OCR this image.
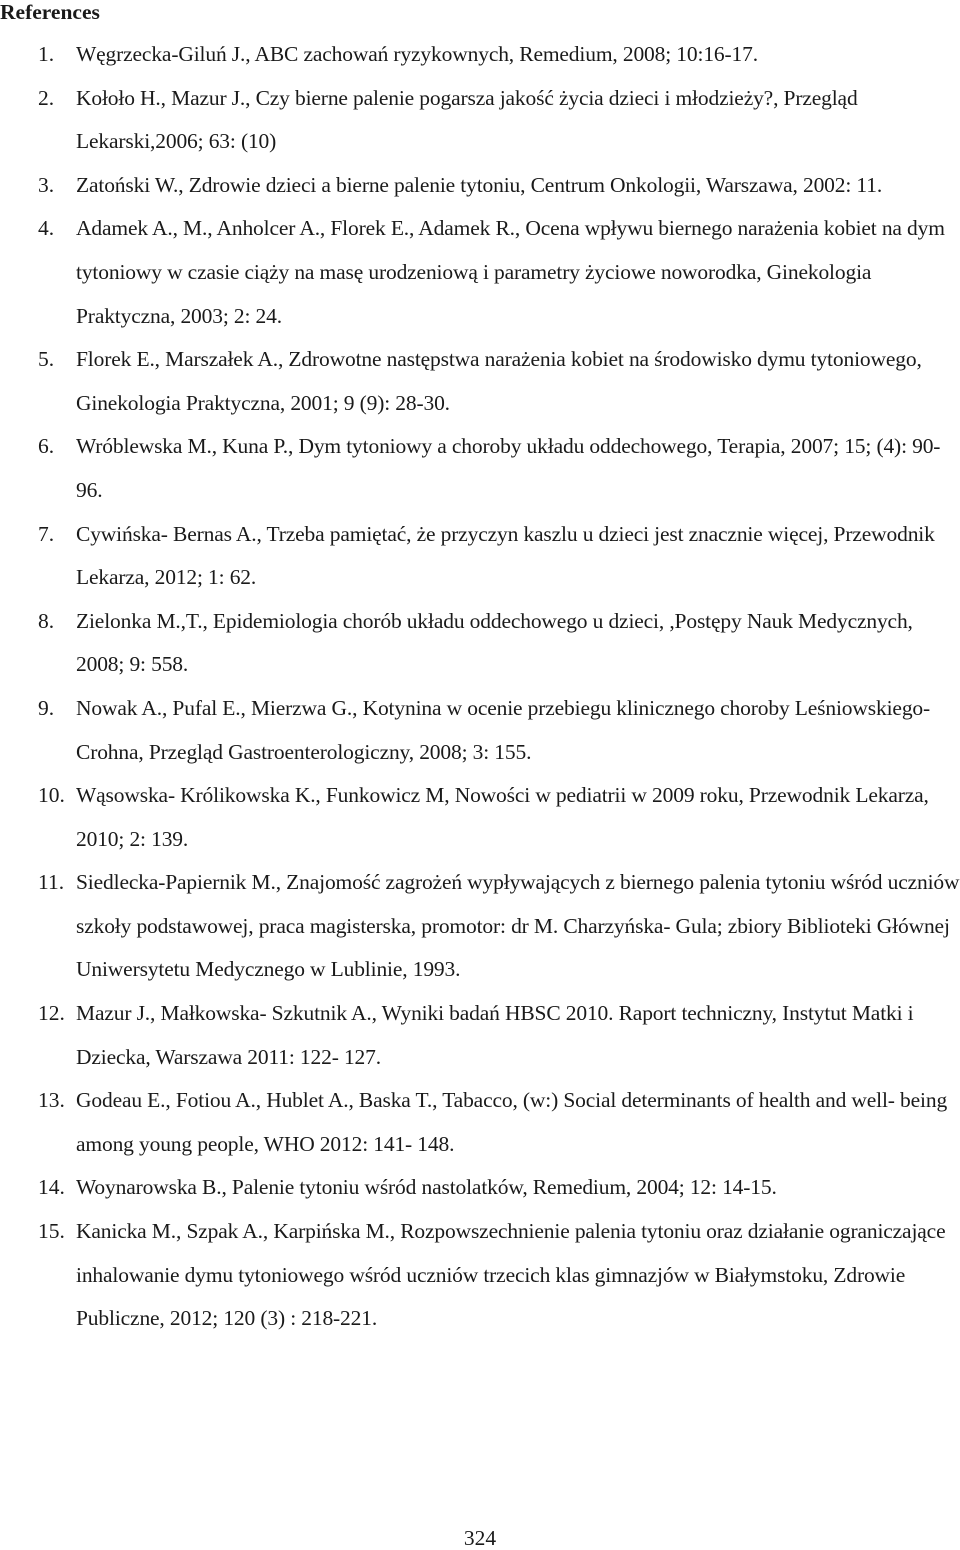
References
1. Węgrzecka-Giluń J., ABC zachowań ryzykownych, Remedium, 2008; 10:16-17.
2. Kołoło H., Mazur J., Czy bierne palenie pogarsza jakość życia dzieci i młodzieży?, Przegląd Lekarski,2006; 63: (10)
3. Zatoński W., Zdrowie dzieci a bierne palenie tytoniu, Centrum Onkologii, Warszawa, 2002: 11.
4. Adamek A., M., Anholcer A., Florek E., Adamek R., Ocena wpływu biernego narażenia kobiet na dym tytoniowy w czasie ciąży na masę urodzeniową i parametry życiowe noworodka, Ginekologia Praktyczna, 2003; 2: 24.
5. Florek E., Marszałek A., Zdrowotne następstwa narażenia kobiet na środowisko dymu tytoniowego, Ginekologia Praktyczna, 2001; 9 (9): 28-30.
6. Wróblewska M., Kuna P., Dym tytoniowy a choroby układu oddechowego, Terapia, 2007; 15; (4): 90-96.
7. Cywińska- Bernas A., Trzeba pamiętać, że przyczyn kaszlu u dzieci jest znacznie więcej, Przewodnik Lekarza, 2012; 1: 62.
8. Zielonka M.,T., Epidemiologia chorób układu oddechowego u dzieci, ,Postępy Nauk Medycznych, 2008; 9: 558.
9. Nowak A., Pufal E., Mierzwa G., Kotynina w ocenie przebiegu klinicznego choroby Leśniowskiego- Crohna, Przegląd Gastroenterologiczny, 2008; 3: 155.
10. Wąsowska- Królikowska K., Funkowicz M, Nowości w pediatrii w 2009 roku, Przewodnik Lekarza, 2010; 2: 139.
11. Siedlecka-Papiernik M., Znajomość zagrożeń wypływających z biernego palenia tytoniu wśród uczniów szkoły podstawowej, praca magisterska, promotor: dr M. Charzyńska- Gula; zbiory Biblioteki Głównej Uniwersytetu Medycznego w Lublinie, 1993.
12. Mazur J., Małkowska- Szkutnik A., Wyniki badań HBSC 2010. Raport techniczny, Instytut Matki i Dziecka, Warszawa 2011: 122- 127.
13. Godeau E., Fotiou A., Hublet A., Baska T., Tabacco, (w:) Social determinants of health and well- being among young people, WHO 2012: 141- 148.
14. Woynarowska B., Palenie tytoniu wśród nastolatków, Remedium, 2004; 12: 14-15.
15. Kanicka M., Szpak A., Karpińska M., Rozpowszechnienie palenia tytoniu oraz działanie ograniczające inhalowanie dymu tytoniowego wśród uczniów trzecich klas gimnazjów w Białymstoku, Zdrowie Publiczne, 2012; 120 (3) : 218-221.
324
